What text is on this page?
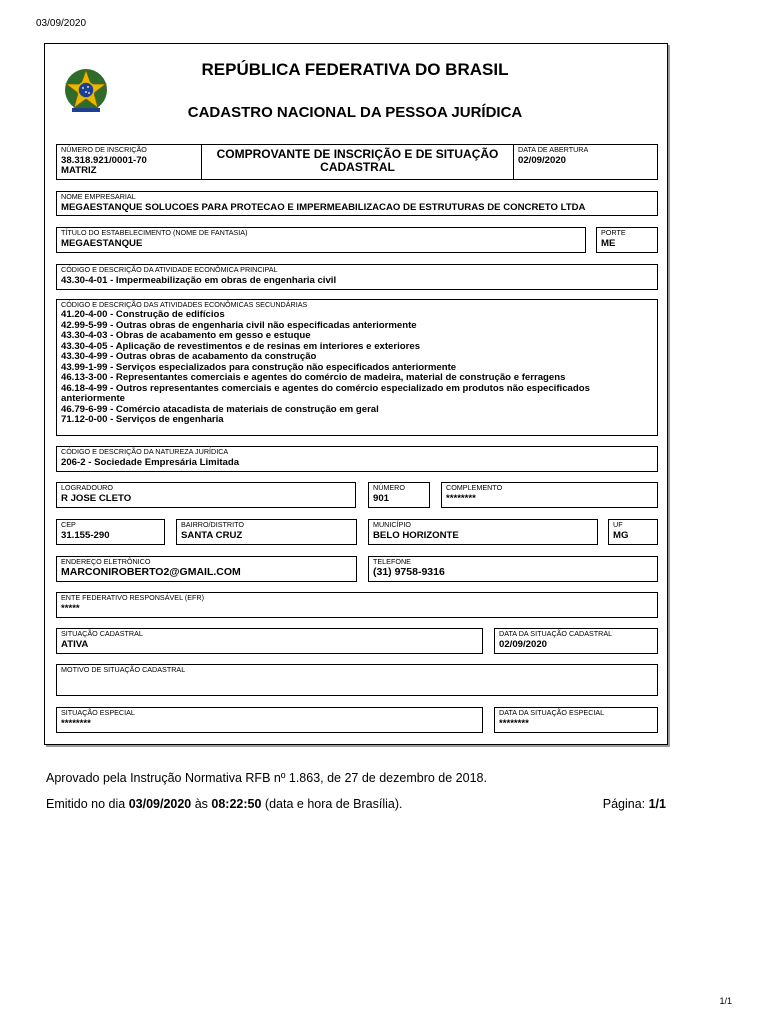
03/09/2020
REPÚBLICA FEDERATIVA DO BRASIL
CADASTRO NACIONAL DA PESSOA JURÍDICA
NÚMERO DE INSCRIÇÃO
38.318.921/0001-70
MATRIZ
COMPROVANTE DE INSCRIÇÃO E DE SITUAÇÃO
CADASTRAL
DATA DE ABERTURA
02/09/2020
NOME EMPRESARIAL
MEGAESTANQUE SOLUCOES PARA PROTECAO E IMPERMEABILIZACAO DE ESTRUTURAS DE CONCRETO LTDA
TÍTULO DO ESTABELECIMENTO (NOME DE FANTASIA)
MEGAESTANQUE
PORTE
ME
CÓDIGO E DESCRIÇÃO DA ATIVIDADE ECONÔMICA PRINCIPAL
43.30-4-01 - Impermeabilização em obras de engenharia civil
CÓDIGO E DESCRIÇÃO DAS ATIVIDADES ECONÔMICAS SECUNDÁRIAS
41.20-4-00 - Construção de edifícios
42.99-5-99 - Outras obras de engenharia civil não especificadas anteriormente
43.30-4-03 - Obras de acabamento em gesso e estuque
43.30-4-05 - Aplicação de revestimentos e de resinas em interiores e exteriores
43.30-4-99 - Outras obras de acabamento da construção
43.99-1-99 - Serviços especializados para construção não especificados anteriormente
46.13-3-00 - Representantes comerciais e agentes do comércio de madeira, material de construção e ferragens
46.18-4-99 - Outros representantes comerciais e agentes do comércio especializado em produtos não especificados anteriormente
46.79-6-99 - Comércio atacadista de materiais de construção em geral
71.12-0-00 - Serviços de engenharia
CÓDIGO E DESCRIÇÃO DA NATUREZA JURÍDICA
206-2 - Sociedade Empresária Limitada
LOGRADOURO
R JOSE CLETO
NÚMERO
901
COMPLEMENTO
********
CEP
31.155-290
BAIRRO/DISTRITO
SANTA CRUZ
MUNICÍPIO
BELO HORIZONTE
UF
MG
ENDEREÇO ELETRÔNICO
MARCONIROBERTO2@GMAIL.COM
TELEFONE
(31) 9758-9316
ENTE FEDERATIVO RESPONSÁVEL (EFR)
*****
SITUAÇÃO CADASTRAL
ATIVA
DATA DA SITUAÇÃO CADASTRAL
02/09/2020
MOTIVO DE SITUAÇÃO CADASTRAL
SITUAÇÃO ESPECIAL
********
DATA DA SITUAÇÃO ESPECIAL
********
Aprovado pela Instrução Normativa RFB nº 1.863, de 27 de dezembro de 2018.
Emitido no dia 03/09/2020 às 08:22:50 (data e hora de Brasília).	Página: 1/1
1/1
